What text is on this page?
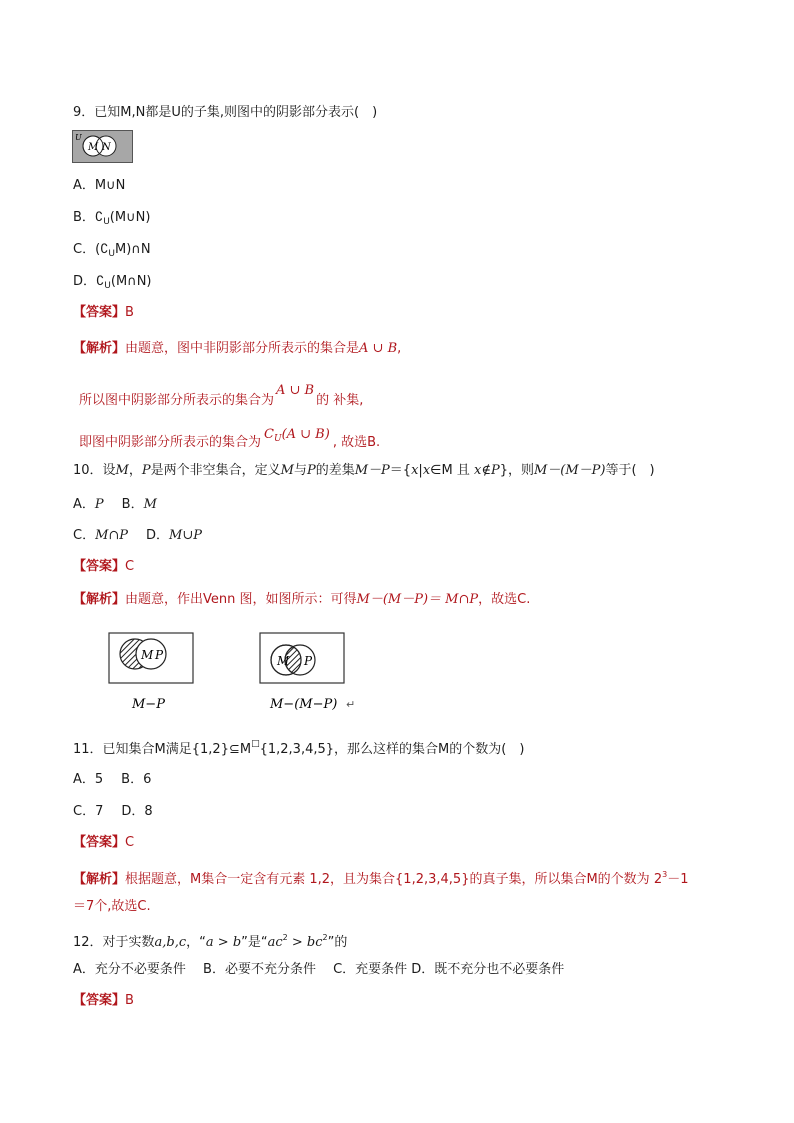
9．已知M,N都是U的子集,则图中的阴影部分表示(　)
U
M N
A．M∪N
B．$∁_U(M\cup N)$
C．$(∁_UM)\cap N$
D．$∁_U(M\cap N)$
【答案】B
【解析】由题意，图中非阴影部分所表示的集合是A ∪ B,
所以图中阴影部分所表示的集合为A ∪ B的 补集,
即图中阴影部分所表示的集合为$C_U(A$ ∪ B), 故选B.
10．设M，P是两个非空集合，定义M与P的差集M－P＝{x|x∈M 且 x∉P}，则M－(M－P)等于(　)
A．P B．M
C．M∩P D．M∪P
【答案】C
【解析】由题意，作出Venn 图，如图所示：可得M－(M－P)＝ M∩P，故选C.
M P
M−P
M P
M−(M−P) ↵
11．已知集合M满足{1,2}⊆M□{1,2,3,4,5}，那么这样的集合M的个数为(　)
A．5 B．6
C．7 D．8
【答案】C
【解析】根据题意，M集合一定含有元素 1,2，且为集合{1,2,3,4,5}的真子集，所以集合M的个数为 $2^3-1$
＝7个,故选C.
12．对于实数a,b,c，“a > b”是“$ac^2 > bc^2$”的
A．充分不必要条件　 B．必要不充分条件　 C．充要条件 D．既不充分也不必要条件
【答案】B
